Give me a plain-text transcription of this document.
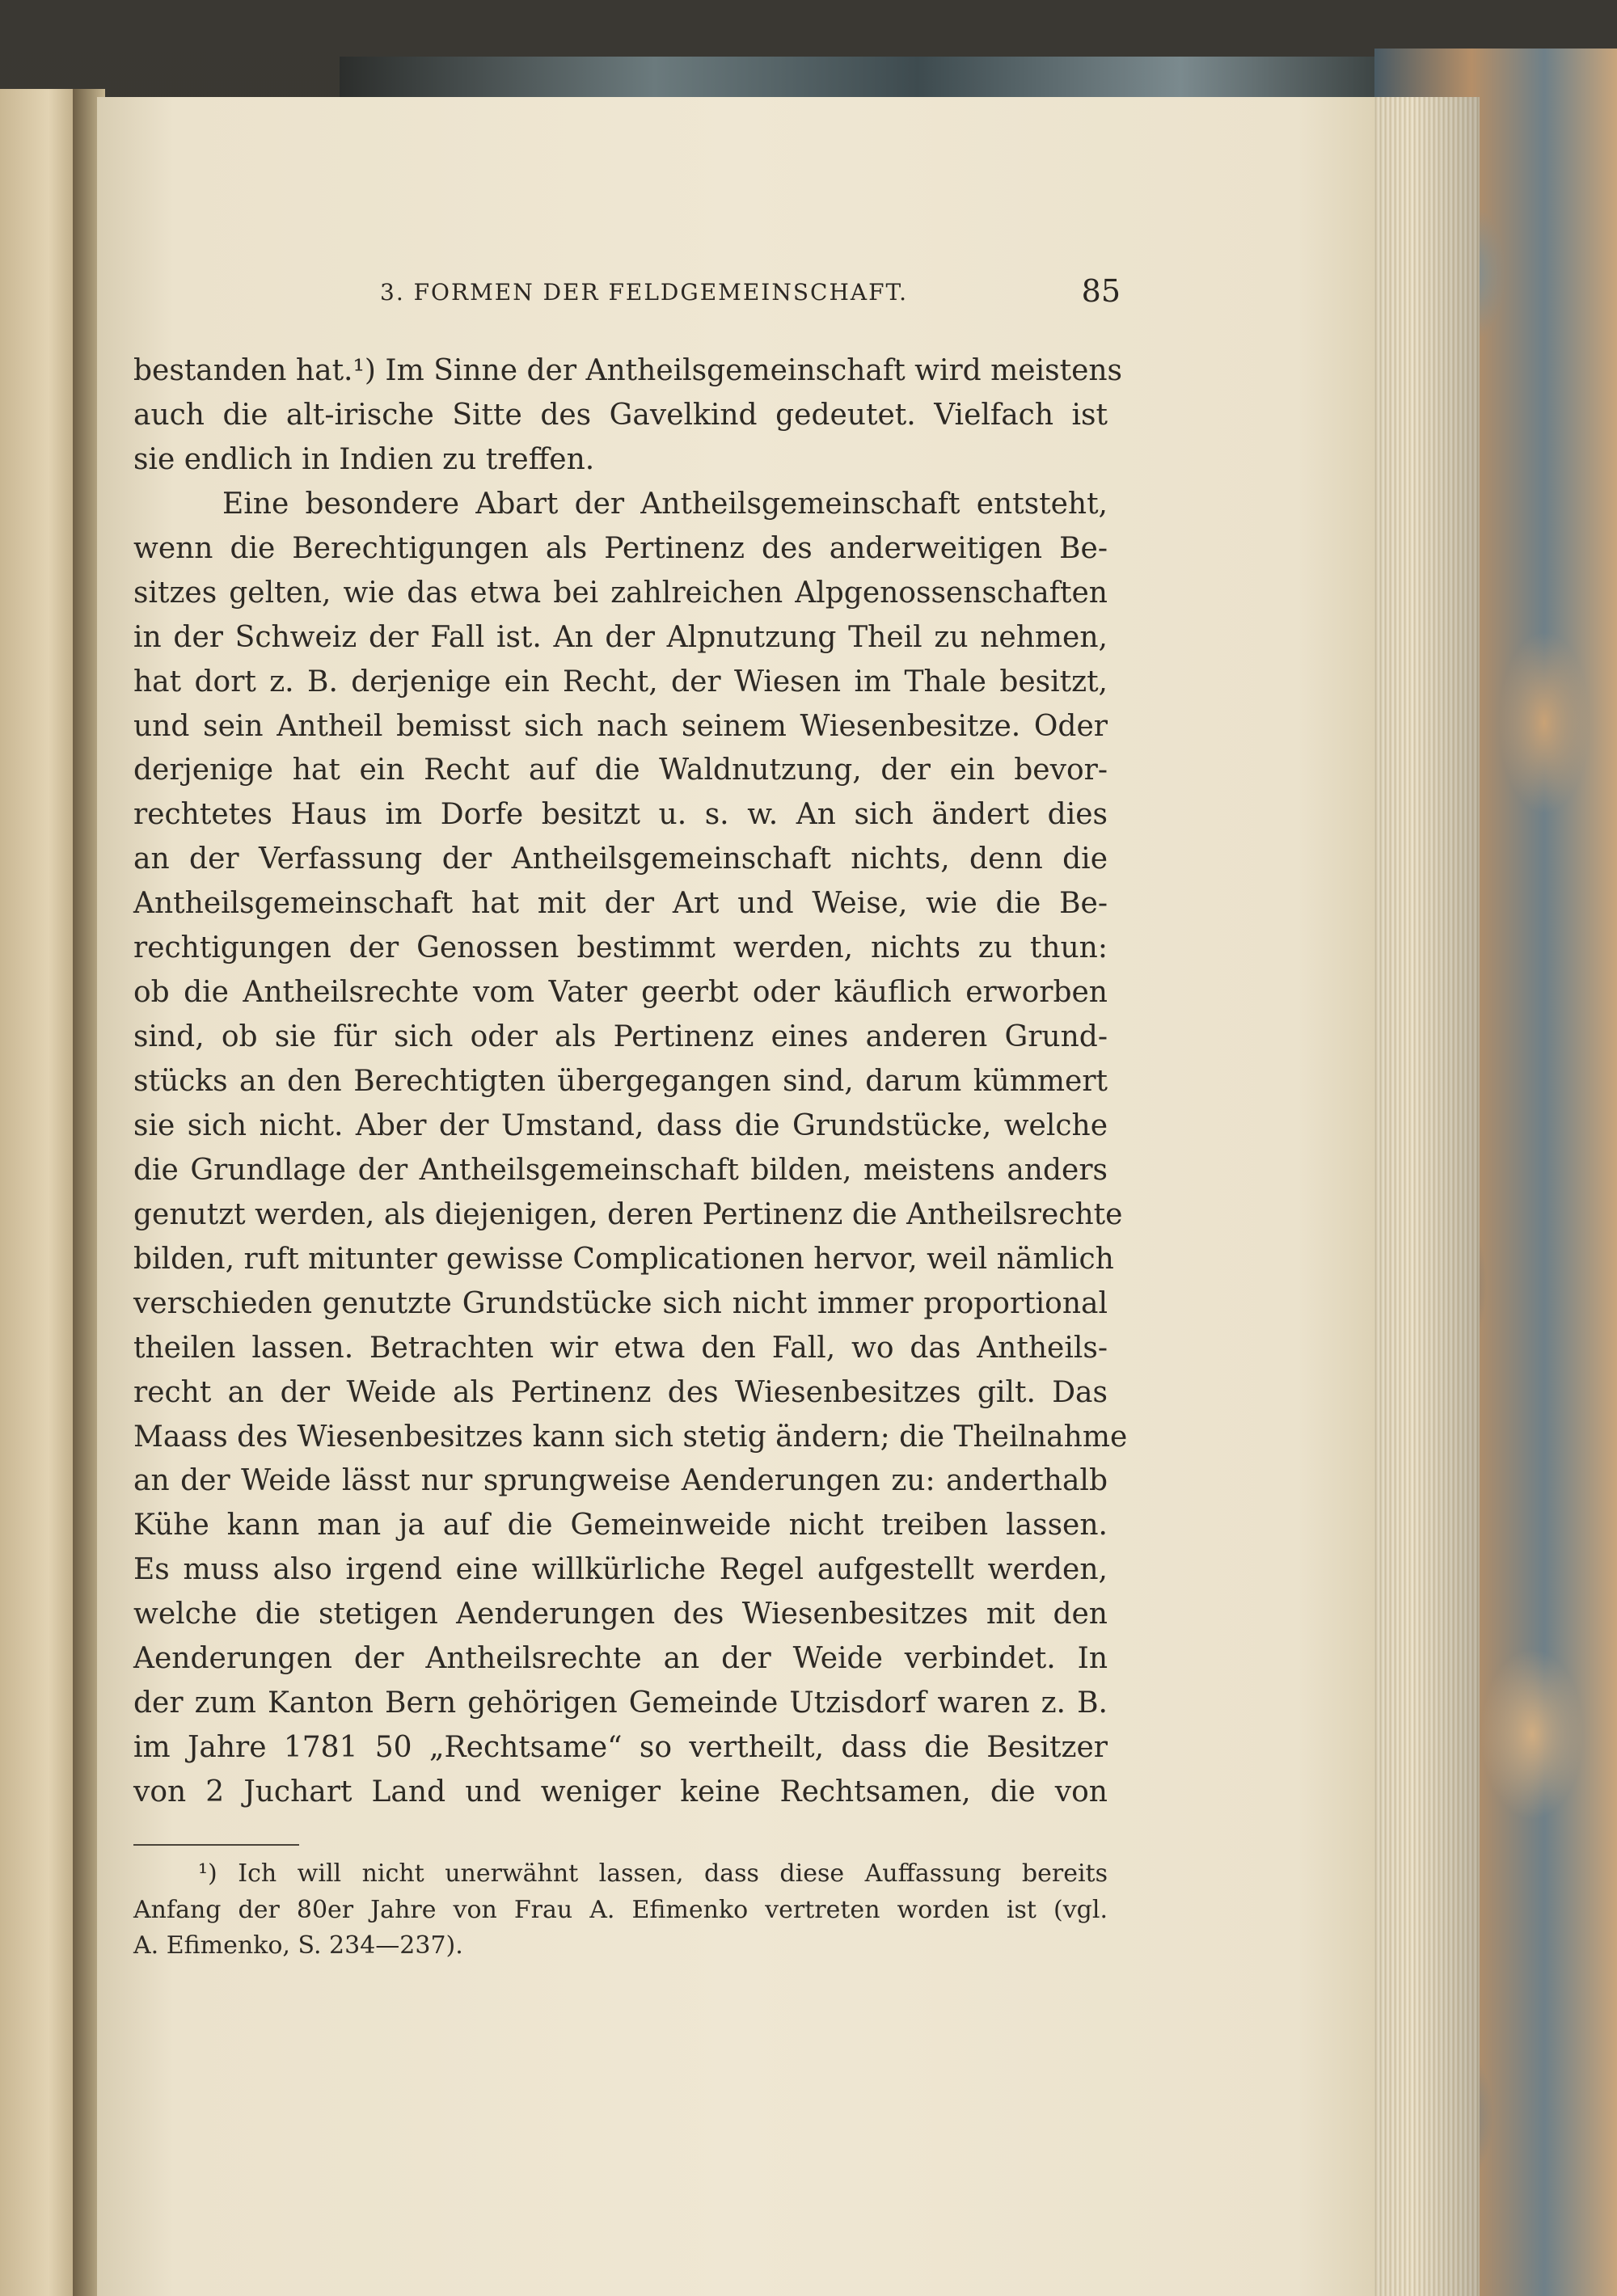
3. FORMEN DER FELDGEMEINSCHAFT.	85
bestanden hat.¹) Im Sinne der Antheilsgemeinschaft wird meistens
auch die alt-irische Sitte des Gavelkind gedeutet. Vielfach ist
sie endlich in Indien zu treffen.
Eine besondere Abart der Antheilsgemeinschaft entsteht,
wenn die Berechtigungen als Pertinenz des anderweitigen Be-
sitzes gelten, wie das etwa bei zahlreichen Alpgenossenschaften
in der Schweiz der Fall ist. An der Alpnutzung Theil zu nehmen,
hat dort z. B. derjenige ein Recht, der Wiesen im Thale besitzt,
und sein Antheil bemisst sich nach seinem Wiesenbesitze. Oder
derjenige hat ein Recht auf die Waldnutzung, der ein bevor-
rechtetes Haus im Dorfe besitzt u. s. w. An sich ändert dies
an der Verfassung der Antheilsgemeinschaft nichts, denn die
Antheilsgemeinschaft hat mit der Art und Weise, wie die Be-
rechtigungen der Genossen bestimmt werden, nichts zu thun:
ob die Antheilsrechte vom Vater geerbt oder käuflich erworben
sind, ob sie für sich oder als Pertinenz eines anderen Grund-
stücks an den Berechtigten übergegangen sind, darum kümmert
sie sich nicht. Aber der Umstand, dass die Grundstücke, welche
die Grundlage der Antheilsgemeinschaft bilden, meistens anders
genutzt werden, als diejenigen, deren Pertinenz die Antheilsrechte
bilden, ruft mitunter gewisse Complicationen hervor, weil nämlich
verschieden genutzte Grundstücke sich nicht immer proportional
theilen lassen. Betrachten wir etwa den Fall, wo das Antheils-
recht an der Weide als Pertinenz des Wiesenbesitzes gilt. Das
Maass des Wiesenbesitzes kann sich stetig ändern; die Theilnahme
an der Weide lässt nur sprungweise Aenderungen zu: anderthalb
Kühe kann man ja auf die Gemeinweide nicht treiben lassen.
Es muss also irgend eine willkürliche Regel aufgestellt werden,
welche die stetigen Aenderungen des Wiesenbesitzes mit den
Aenderungen der Antheilsrechte an der Weide verbindet. In
der zum Kanton Bern gehörigen Gemeinde Utzisdorf waren z. B.
im Jahre 1781 50 „Rechtsame“ so vertheilt, dass die Besitzer
von 2 Juchart Land und weniger keine Rechtsamen, die von
¹) Ich will nicht unerwähnt lassen, dass diese Auffassung bereits
Anfang der 80er Jahre von Frau A. Efimenko vertreten worden ist (vgl.
A. Efimenko, S. 234—237).
